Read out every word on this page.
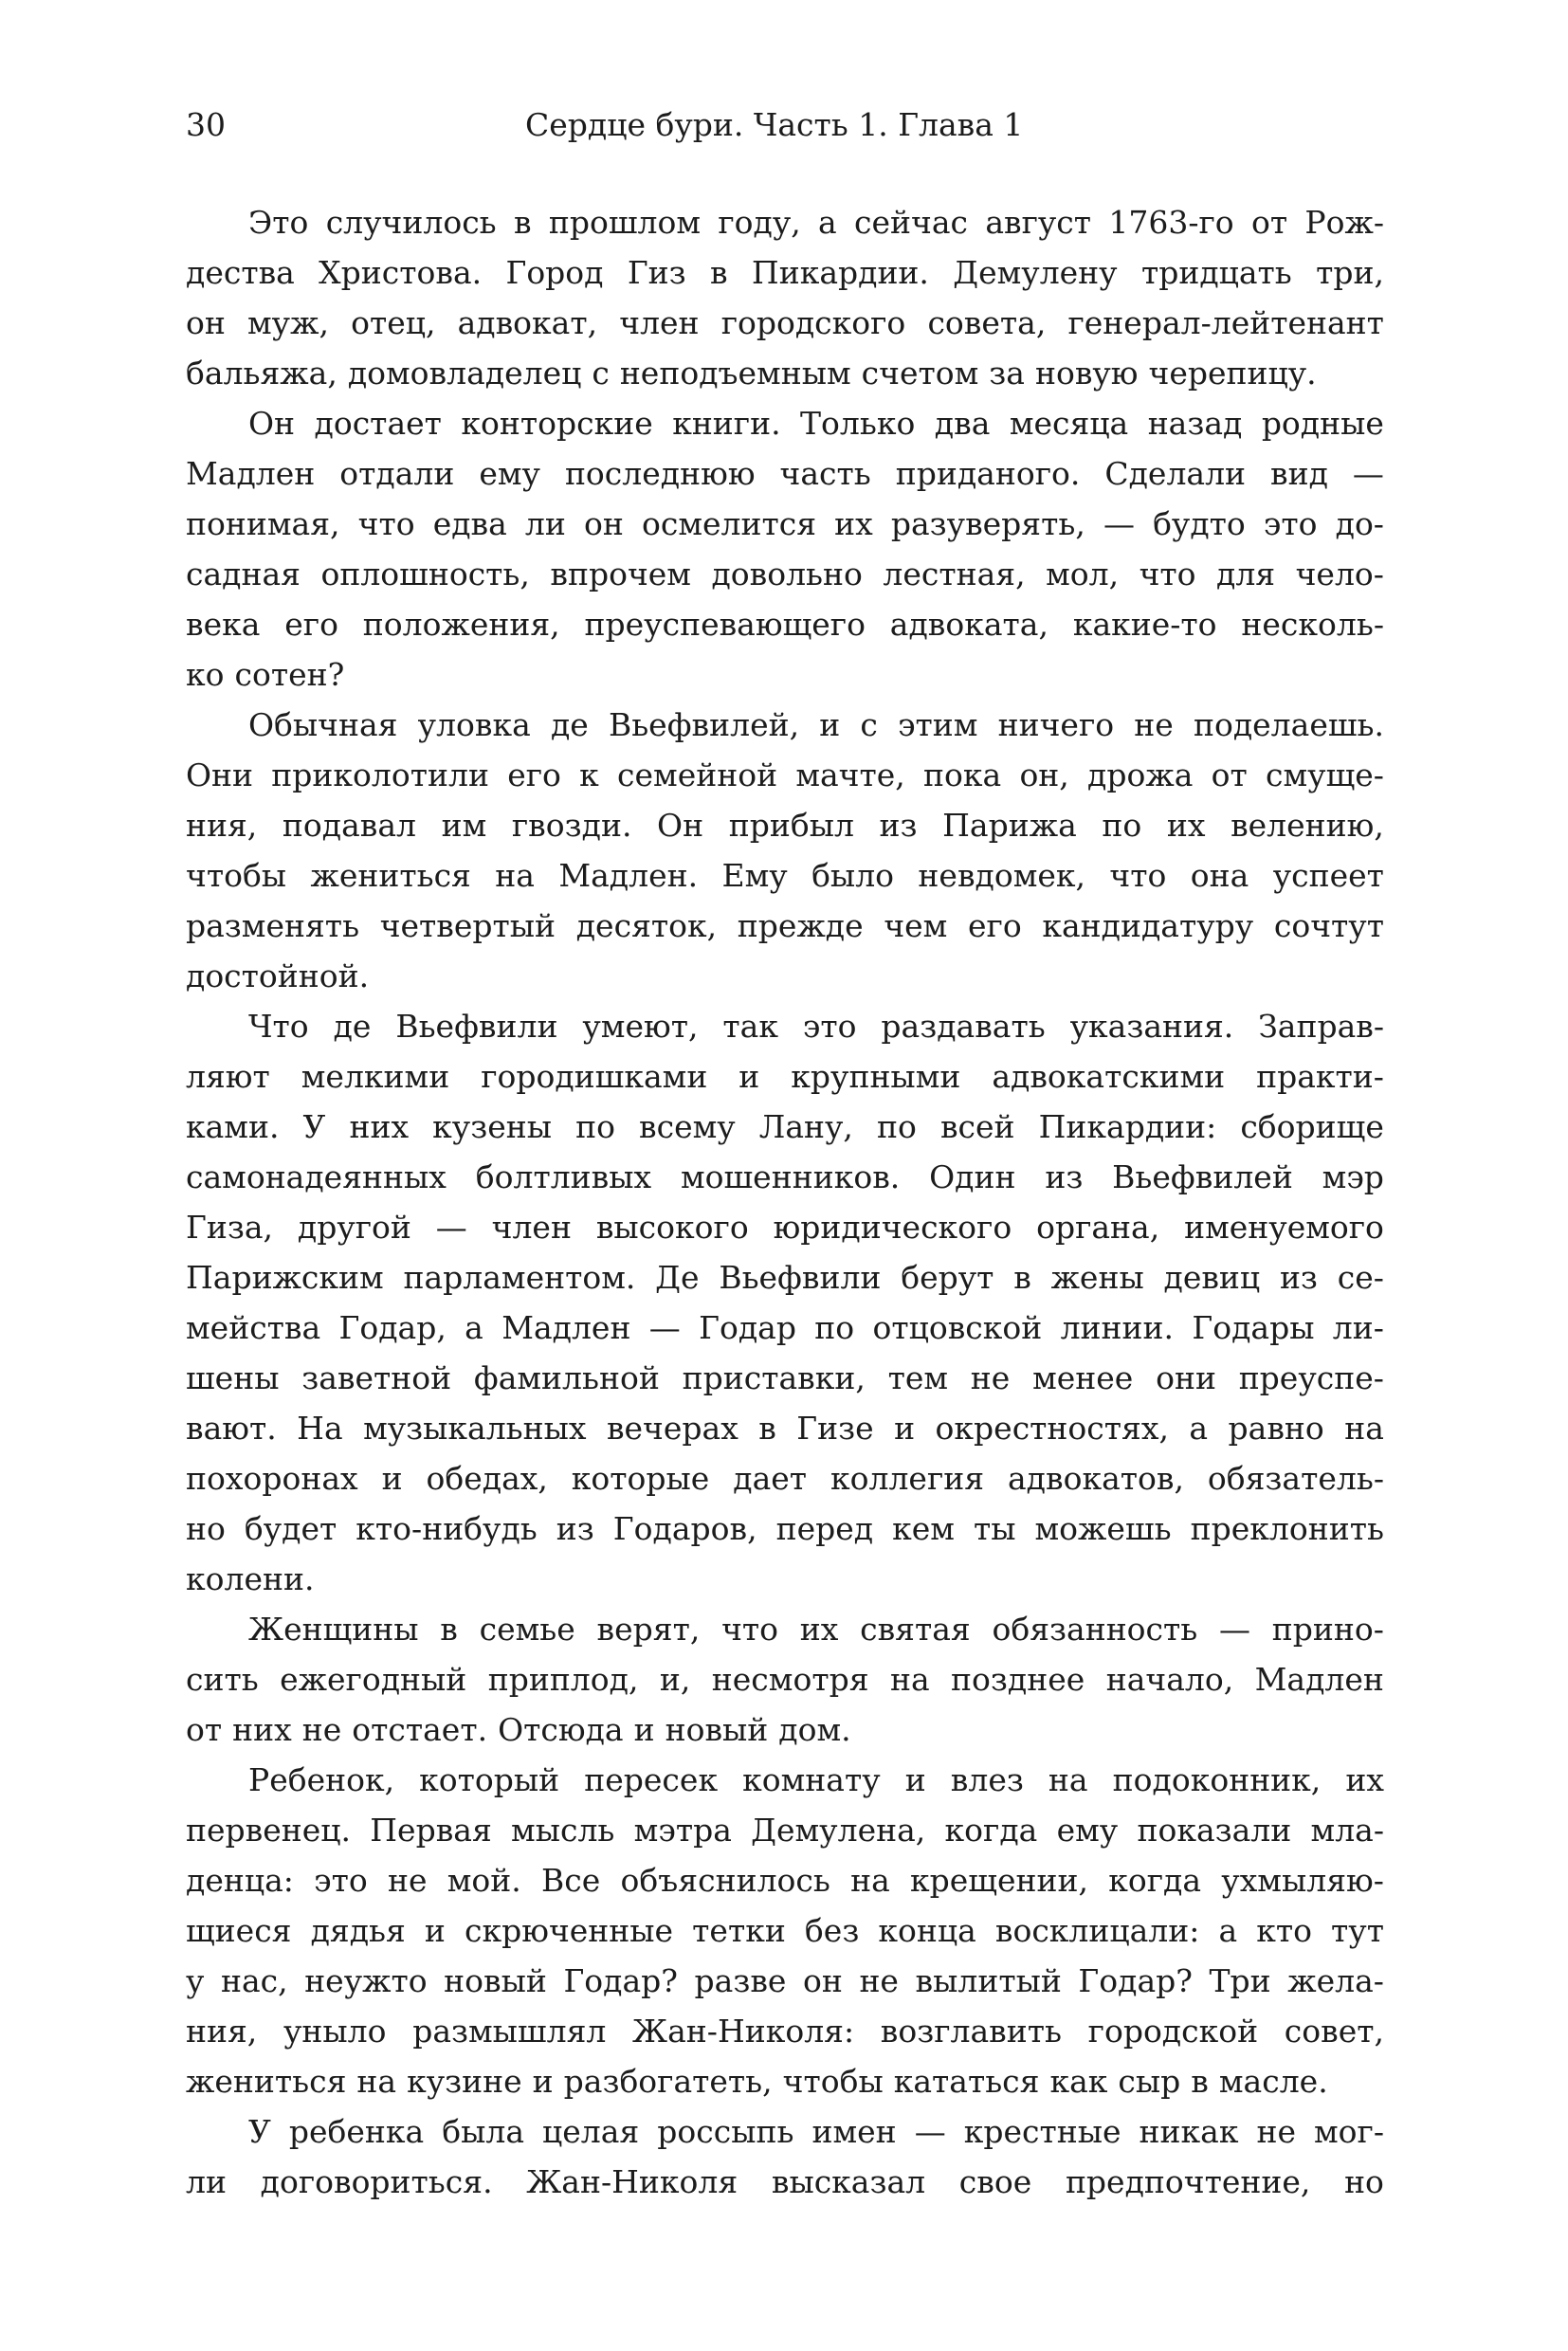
30	Сердце бури. Часть 1. Глава 1
Это случилось в прошлом году, а сейчас август 1763-го от Рож-
дества Христова. Город Гиз в Пикардии. Демулену тридцать три,
он муж, отец, адвокат, член городского совета, генерал-лейтенант
бальяжа, домовладелец с неподъемным счетом за новую черепицу.
Он достает конторские книги. Только два месяца назад родные
Мадлен отдали ему последнюю часть приданого. Сделали вид —
понимая, что едва ли он осмелится их разуверять, — будто это до-
садная оплошность, впрочем довольно лестная, мол, что для чело-
века его положения, преуспевающего адвоката, какие-то несколь-
ко сотен?
Обычная уловка де Вьефвилей, и с этим ничего не поделаешь.
Они приколотили его к семейной мачте, пока он, дрожа от смуще-
ния, подавал им гвозди. Он прибыл из Парижа по их велению,
чтобы жениться на Мадлен. Ему было невдомек, что она успеет
разменять четвертый десяток, прежде чем его кандидатуру сочтут
достойной.
Что де Вьефвили умеют, так это раздавать указания. Заправ-
ляют мелкими городишками и крупными адвокатскими практи-
ками. У них кузены по всему Лану, по всей Пикардии: сборище
самонадеянных болтливых мошенников. Один из Вьефвилей мэр
Гиза, другой — член высокого юридического органа, именуемого
Парижским парламентом. Де Вьефвили берут в жены девиц из се-
мейства Годар, а Мадлен — Годар по отцовской линии. Годары ли-
шены заветной фамильной приставки, тем не менее они преуспе-
вают. На музыкальных вечерах в Гизе и окрестностях, а равно на
похоронах и обедах, которые дает коллегия адвокатов, обязатель-
но будет кто-нибудь из Годаров, перед кем ты можешь преклонить
колени.
Женщины в семье верят, что их святая обязанность — прино-
сить ежегодный приплод, и, несмотря на позднее начало, Мадлен
от них не отстает. Отсюда и новый дом.
Ребенок, который пересек комнату и влез на подоконник, их
первенец. Первая мысль мэтра Демулена, когда ему показали мла-
денца: это не мой. Все объяснилось на крещении, когда ухмыляю-
щиеся дядья и скрюченные тетки без конца восклицали: а кто тут
у нас, неужто новый Годар? разве он не вылитый Годар? Три жела-
ния, уныло размышлял Жан-Николя: возглавить городской совет,
жениться на кузине и разбогатеть, чтобы кататься как сыр в масле.
У ребенка была целая россыпь имен — крестные никак не мог-
ли договориться. Жан-Николя высказал свое предпочтение, но
